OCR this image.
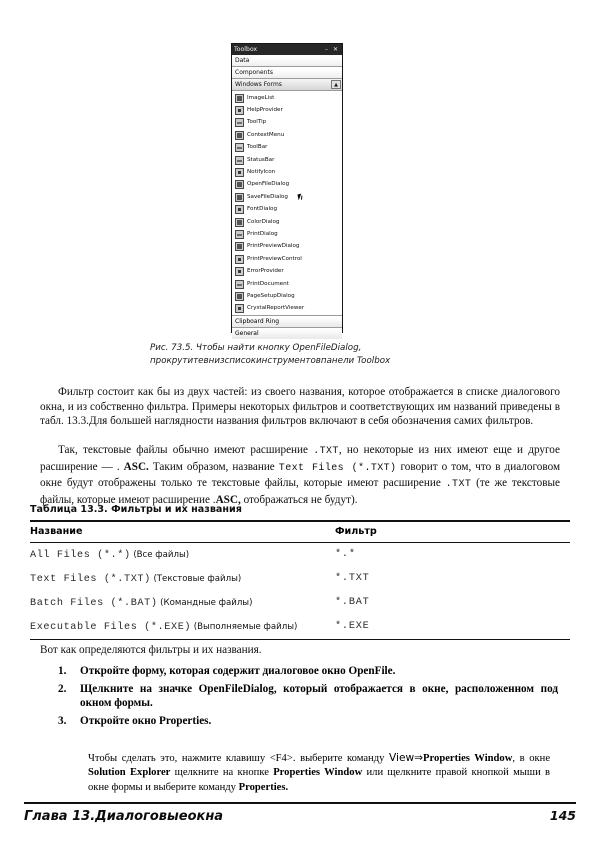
Toolbox	– ✕
Data
Components
Windows Forms	▲
ImageList
HelpProvider
ToolTip
ContextMenu
ToolBar
StatusBar
NotifyIcon
OpenFileDialog
SaveFileDialog
FontDialog
ColorDialog
PrintDialog
PrintPreviewDialog
PrintPreviewControl
ErrorProvider
PrintDocument
PageSetupDialog
CrystalReportViewer
Clipboard Ring
General
Рис. 73.5. Чтобы найти кнопку OpenFileDialog,
прокрутитевнизсписокинструментовпанели Toolbox

Фильтр состоит как бы из двух частей: из своего названия, которое отображается в списке диалогового окна, и из собственно фильтра. Примеры некоторых фильтров и соответствующих им названий приведены в табл. 13.3.Для большей наглядности названия фильтров включают в себя обозначения самих фильтров.

Так, текстовые файлы обычно имеют расширение .TXT, но некоторые из них имеют еще и другое расширение — . ASC. Таким образом, название Text Files (*.TXT) говорит о том, что в диалоговом окне будут отображены только те текстовые файлы, которые имеют расширение .TXT (те же текстовые файлы, которые имеют расширение .ASC, отображаться не будут).

Таблица 13.3. Фильтры и их названия
Название	Фильтр
All Files (*.*) (Все файлы)	*.*
Text Files (*.TXT) (Текстовые файлы)	*.TXT
Batch Files (*.BAT) (Командные файлы)	*.BAT
Executable Files (*.EXE) (Выполняемые файлы)	*.EXE
Вот как определяются фильтры и их названия.
1.	Откройте форму, которая содержит диалоговое окно OpenFile.
2.	Щелкните на значке OpenFileDialog, который отображается в окне, расположенном под окном формы.
3.	Откройте окно Properties.

Чтобы сделать это, нажмите клавишу <F4>. выберите команду View⇒Properties Window, в окне Solution Explorer щелкните на кнопке Properties Window или щелкните правой кнопкой мыши в окне формы и выберите команду Properties.

Глава 13.Диалоговыеокна	145
